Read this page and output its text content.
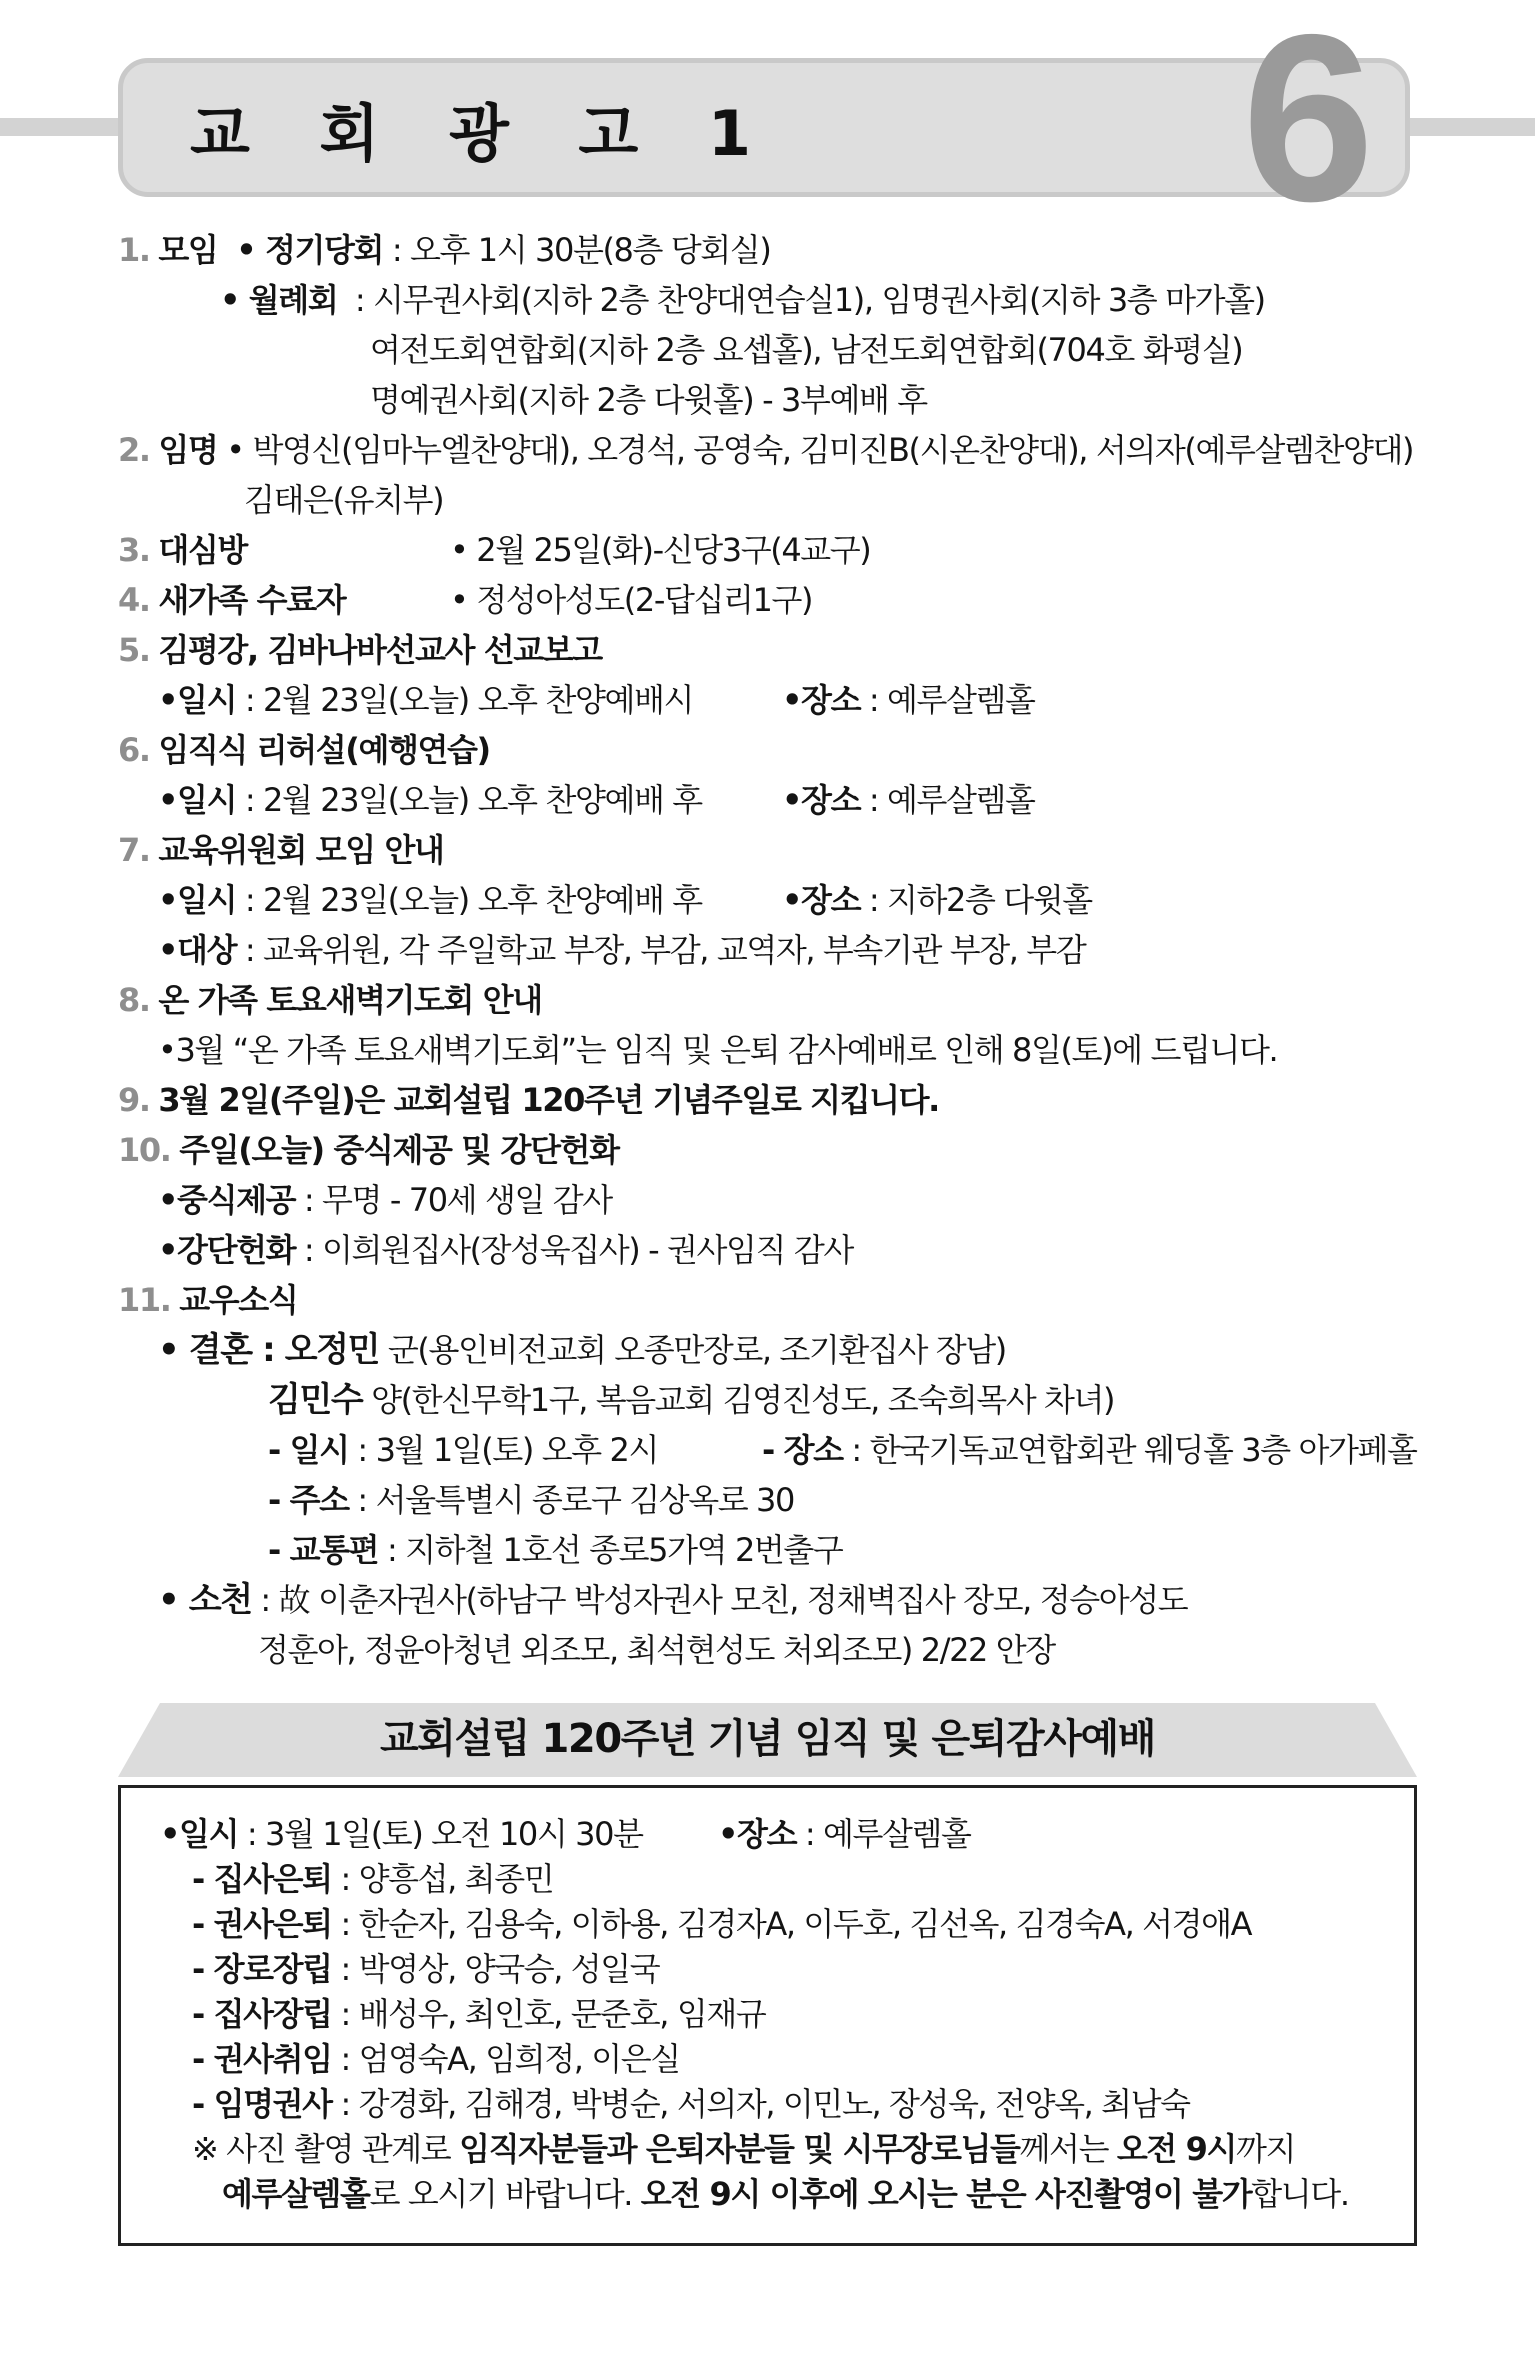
교 회 광 고 1 6
1. 모임 • 정기당회 : 오후 1시 30분(8층 당회실)
• 월례회  : 시무권사회(지하 2층 찬양대연습실1), 임명권사회(지하 3층 마가홀)
여전도회연합회(지하 2층 요셉홀), 남전도회연합회(704호 화평실)
명예권사회(지하 2층 다윗홀) - 3부예배 후
2. 임명 • 박영신(임마누엘찬양대), 오경석, 공영숙, 김미진B(시온찬양대), 서의자(예루살렘찬양대)
김태은(유치부)
3. 대심방	• 2월 25일(화)-신당3구(4교구)
4. 새가족 수료자	• 정성아성도(2-답십리1구)
5. 김평강, 김바나바선교사 선교보고
•일시 : 2월 23일(오늘) 오후 찬양예배시	•장소 : 예루살렘홀
6. 임직식 리허설(예행연습)
•일시 : 2월 23일(오늘) 오후 찬양예배 후	•장소 : 예루살렘홀
7. 교육위원회 모임 안내
•일시 : 2월 23일(오늘) 오후 찬양예배 후	•장소 : 지하2층 다윗홀
•대상 : 교육위원, 각 주일학교 부장, 부감, 교역자, 부속기관 부장, 부감
8. 온 가족 토요새벽기도회 안내
•3월 “온 가족 토요새벽기도회”는 임직 및 은퇴 감사예배로 인해 8일(토)에 드립니다.
9. 3월 2일(주일)은 교회설립 120주년 기념주일로 지킵니다.
10. 주일(오늘) 중식제공 및 강단헌화
•중식제공 : 무명 - 70세 생일 감사
•강단헌화 : 이희원집사(장성욱집사) - 권사임직 감사
11. 교우소식
• 결혼 : 오정민 군(용인비전교회 오종만장로, 조기환집사 장남)
김민수 양(한신무학1구, 복음교회 김영진성도, 조숙희목사 차녀)
- 일시 : 3월 1일(토) 오후 2시	- 장소 : 한국기독교연합회관 웨딩홀 3층 아가페홀
- 주소 : 서울특별시 종로구 김상옥로 30
- 교통편 : 지하철 1호선 종로5가역 2번출구
• 소천 : 故 이춘자권사(하남구 박성자권사 모친, 정채벽집사 장모, 정승아성도
정훈아, 정윤아청년 외조모, 최석현성도 처외조모) 2/22 안장
교회설립 120주년 기념 임직 및 은퇴감사예배
•일시 : 3월 1일(토) 오전 10시 30분 •장소 : 예루살렘홀
- 집사은퇴 : 양흥섭, 최종민
- 권사은퇴 : 한순자, 김용숙, 이하용, 김경자A, 이두호, 김선옥, 김경숙A, 서경애A
- 장로장립 : 박영상, 양국승, 성일국
- 집사장립 : 배성우, 최인호, 문준호, 임재규
- 권사취임 : 엄영숙A, 임희정, 이은실
- 임명권사 : 강경화, 김해경, 박병순, 서의자, 이민노, 장성욱, 전양옥, 최남숙
※ 사진 촬영 관계로 임직자분들과 은퇴자분들 및 시무장로님들께서는 오전 9시까지
예루살렘홀로 오시기 바랍니다. 오전 9시 이후에 오시는 분은 사진촬영이 불가합니다.
